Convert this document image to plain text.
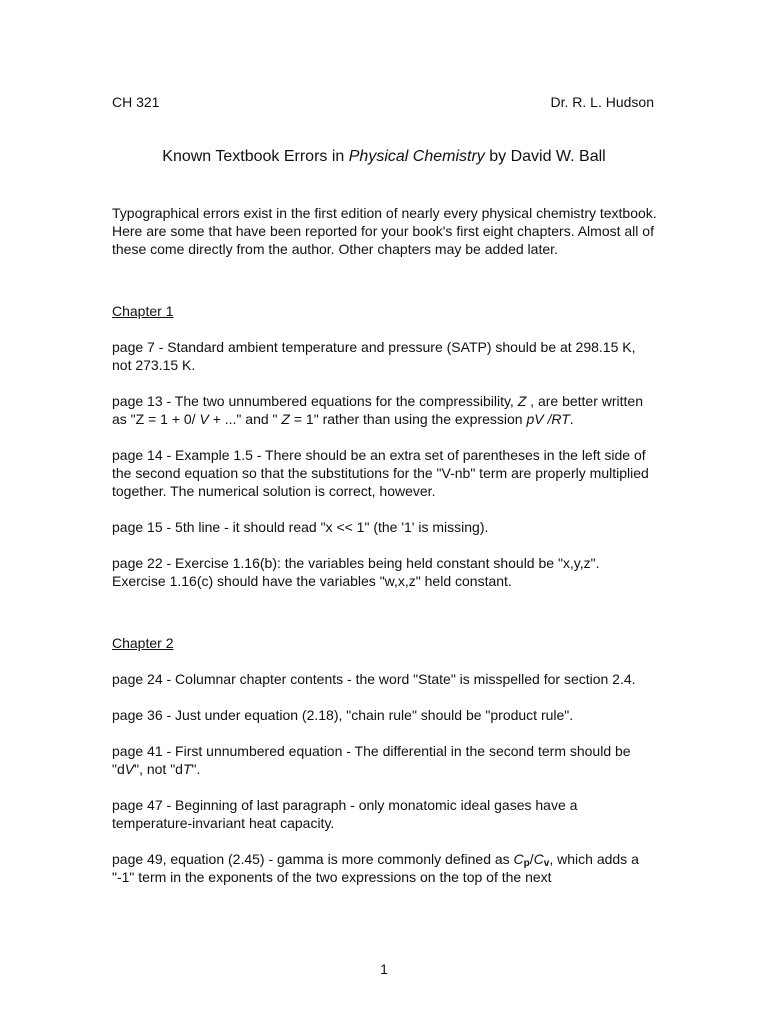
CH 321	Dr. R. L. Hudson
Known Textbook Errors in Physical Chemistry by David W. Ball

Typographical errors exist in the first edition of nearly every physical chemistry textbook. Here are some that have been reported for your book's first eight chapters. Almost all of these come directly from the author. Other chapters may be added later.

Chapter 1

page 7 - Standard ambient temperature and pressure (SATP) should be at 298.15 K, not 273.15 K.

page 13 - The two unnumbered equations for the compressibility, Z , are better written as "Z = 1 + 0/ V + ..." and " Z = 1" rather than using the expression pV /RT.

page 14 - Example 1.5 - There should be an extra set of parentheses in the left side of the second equation so that the substitutions for the "V-nb" term are properly multiplied together. The numerical solution is correct, however.

page 15 - 5th line - it should read "x << 1" (the '1' is missing).

page 22 - Exercise 1.16(b): the variables being held constant should be "x,y,z". Exercise 1.16(c) should have the variables "w,x,z" held constant.

Chapter 2

page 24 - Columnar chapter contents - the word "State" is misspelled for section 2.4.

page 36 - Just under equation (2.18), "chain rule" should be "product rule".

page 41 - First unnumbered equation - The differential in the second term should be "dV", not "dT".

page 47 - Beginning of last paragraph - only monatomic ideal gases have a temperature-invariant heat capacity.

page 49, equation (2.45) - gamma is more commonly defined as $C_p/C_v$, which adds a "-1" term in the exponents of the two expressions on the top of the next

1
